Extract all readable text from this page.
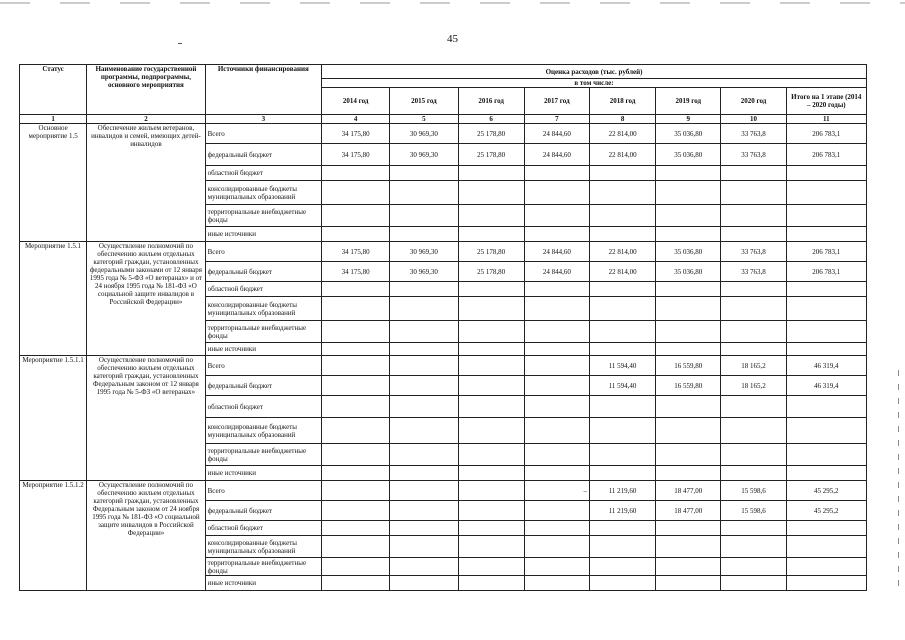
45
Статус	Наименование государственной программы, подпрограммы, основного мероприятия	Источники финансирования	Оценка расходов (тыс. рублей)							
			в том числе:							
			2014 год	2015 год	2016 год	2017 год	2018 год	2019 год	2020 год	Итого на 1 этапе (2014 – 2020 годы)
1	2	3	4	5	6	7	8	9	10	11
Основное мероприятие 1.5	Обеспечение жильем ветеранов, инвалидов и семей, имеющих детей-инвалидов	Всего	34 175,80	30 969,30	25 178,80	24 844,60	22 814,00	35 036,80	33 763,8	206 783,1
		федеральный бюджет	34 175,80	30 969,30	25 178,80	24 844,60	22 814,00	35 036,80	33 763,8	206 783,1
		областной бюджет								
		консолидированные бюджеты муниципальных образований								
		территориальные внебюджетные фонды								
		иные источники								
Мероприятие 1.5.1	Осуществление полномочий по обеспечению жильем отдельных категорий граждан, установленных федеральными законами от 12 января 1995 года № 5-ФЗ «О ветеранах» и от 24 ноября 1995 года № 181-ФЗ «О социальной защите инвалидов в Российской Федерации»	Всего	34 175,80	30 969,30	25 178,80	24 844,60	22 814,00	35 036,80	33 763,8	206 783,1
		федеральный бюджет	34 175,80	30 969,30	25 178,80	24 844,60	22 814,00	35 036,80	33 763,8	206 783,1
		областной бюджет								
		консолидированные бюджеты муниципальных образований								
		территориальные внебюджетные фонды								
		иные источники								
Мероприятие 1.5.1.1	Осуществление полномочий по обеспечению жильем отдельных категорий граждан, установленных Федеральным законом от 12 января 1995 года № 5-ФЗ «О ветеранах»	Всего					11 594,40	16 559,80	18 165,2	46 319,4
		федеральный бюджет					11 594,40	16 559,80	18 165,2	46 319,4
		областной бюджет								
		консолидированные бюджеты муниципальных образований								
		территориальные внебюджетные фонды								
		иные источники								
Мероприятие 1.5.1.2	Осуществление полномочий по обеспечению жильем отдельных категорий граждан, установленных Федеральным законом от 24 ноября 1995 года № 181-ФЗ «О социальной защите инвалидов в Российской Федерации»	Всего				–	11 219,60	18 477,00	15 598,6	45 295,2
		федеральный бюджет					11 219,60	18 477,00	15 598,6	45 295,2
		областной бюджет								
		консолидированные бюджеты муниципальных образований								
		территориальные внебюджетные фонды								
		иные источники								
